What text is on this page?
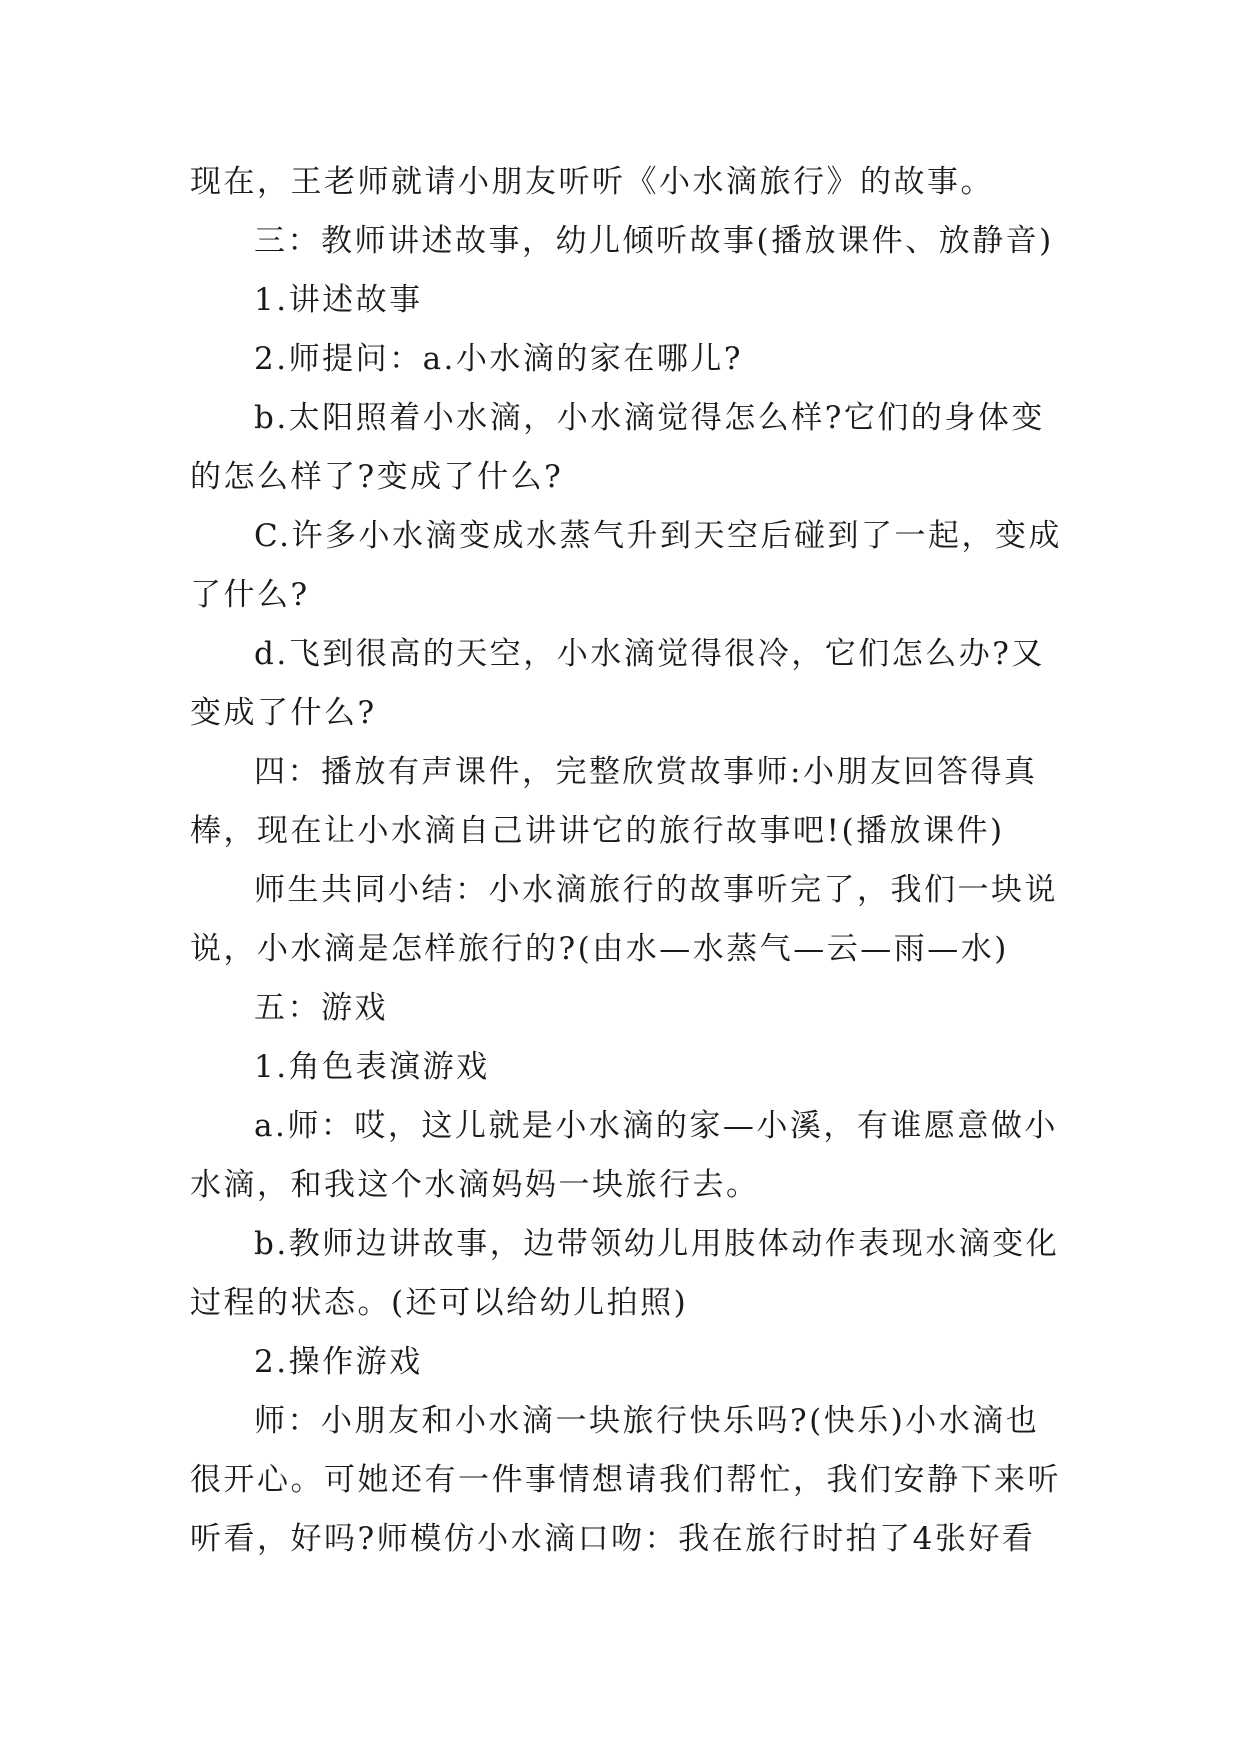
现在，王老师就请小朋友听听《小水滴旅行》的故事。
三：教师讲述故事，幼儿倾听故事(播放课件、放静音)
1.讲述故事
2.师提问：a.小水滴的家在哪儿?
b.太阳照着小水滴，小水滴觉得怎么样?它们的身体变
的怎么样了?变成了什么?
C.许多小水滴变成水蒸气升到天空后碰到了一起，变成
了什么?
d.飞到很高的天空，小水滴觉得很冷，它们怎么办?又
变成了什么?
四：播放有声课件，完整欣赏故事师:小朋友回答得真
棒，现在让小水滴自己讲讲它的旅行故事吧!(播放课件)
师生共同小结：小水滴旅行的故事听完了，我们一块说
说，小水滴是怎样旅行的?(由水—水蒸气—云—雨—水)
五：游戏
1.角色表演游戏
a.师：哎，这儿就是小水滴的家—小溪，有谁愿意做小
水滴，和我这个水滴妈妈一块旅行去。
b.教师边讲故事，边带领幼儿用肢体动作表现水滴变化
过程的状态。(还可以给幼儿拍照)
2.操作游戏
师：小朋友和小水滴一块旅行快乐吗?(快乐)小水滴也
很开心。可她还有一件事情想请我们帮忙，我们安静下来听
听看，好吗?师模仿小水滴口吻：我在旅行时拍了4张好看
